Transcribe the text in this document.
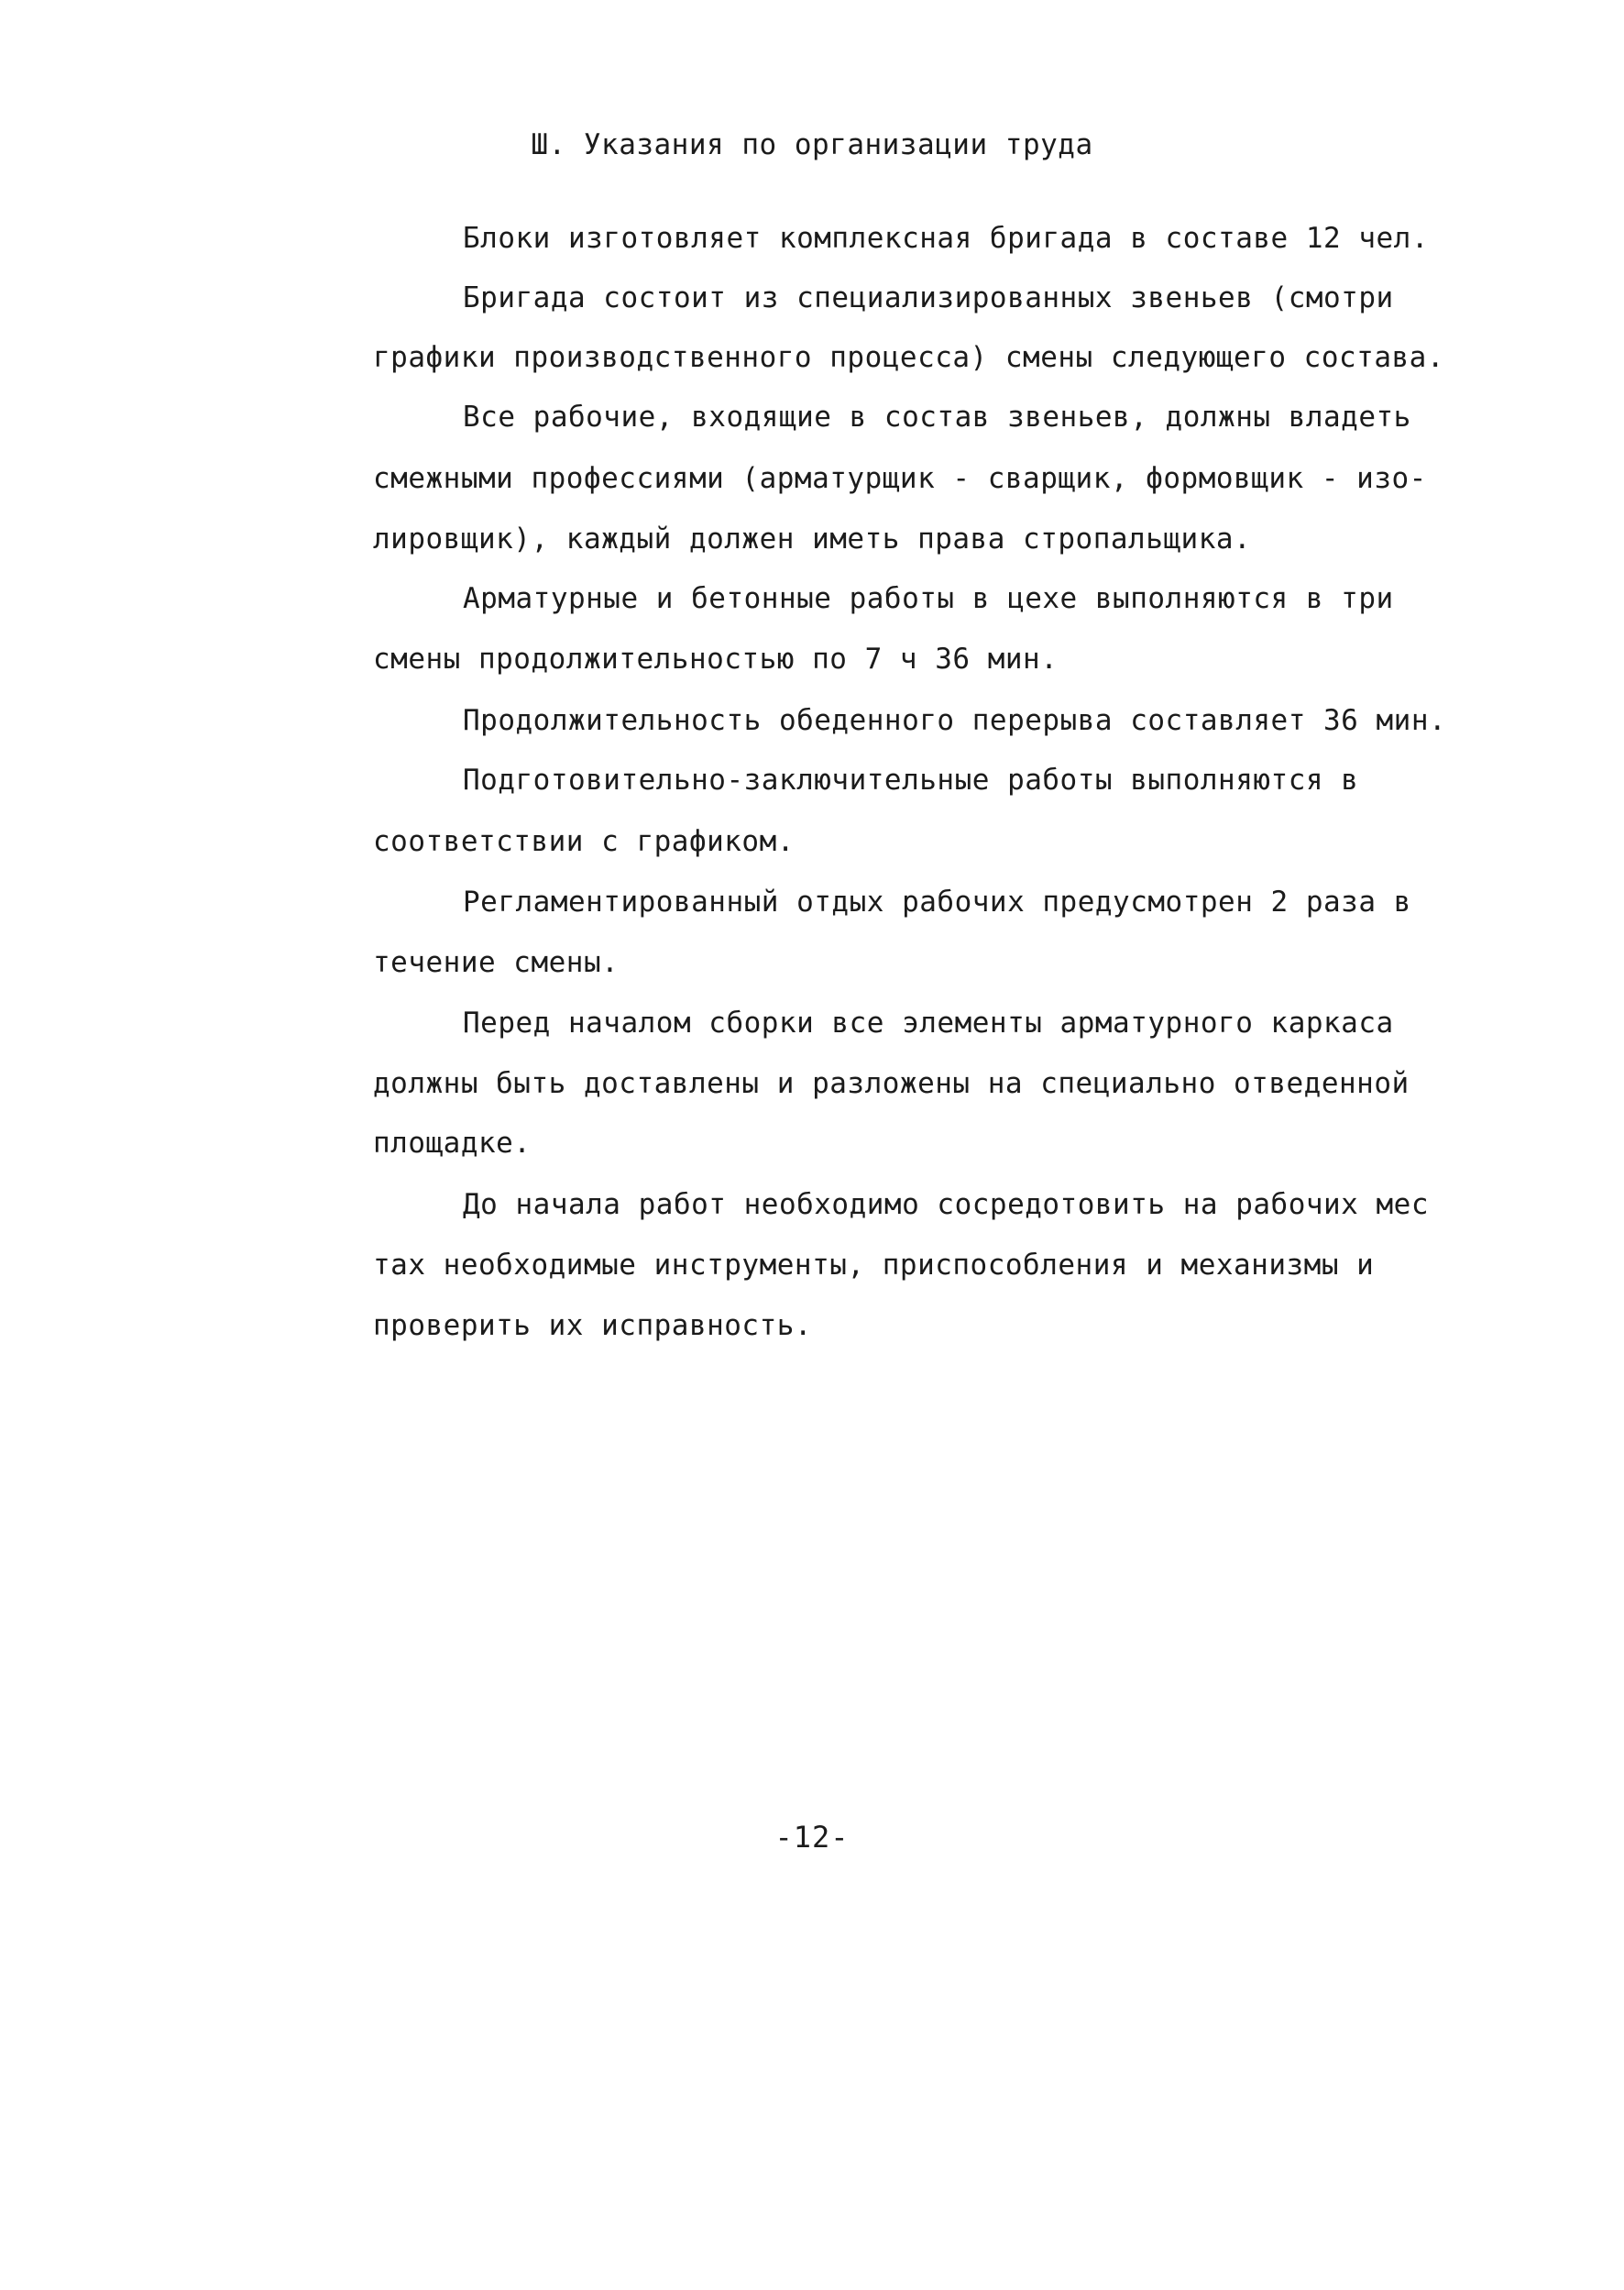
Ш. Указания по организации труда
Блоки изготовляет комплексная бригада в составе 12 чел.
Бригада состоит из специализированных звеньев (смотри
графики производственного процесса) смены следующего состава.
Все рабочие, входящие в состав звеньев, должны владеть
смежными профессиями (арматурщик - сварщик, формовщик - изо-
лировщик), каждый должен иметь права стропальщика.
Арматурные и бетонные работы в цехе выполняются в три
смены продолжительностью по 7 ч 36 мин.
Продолжительность обеденного перерыва составляет 36 мин.
Подготовительно-заключительные работы выполняются в
соответствии с графиком.
Регламентированный отдых рабочих предусмотрен 2 раза в
течение смены.
Перед началом сборки все элементы арматурного каркаса
должны быть доставлены и разложены на специально отведенной
площадке.
До начала работ необходимо сосредотовить на рабочих мес
тах необходимые инструменты, приспособления и механизмы и
проверить их исправность.
-12-
